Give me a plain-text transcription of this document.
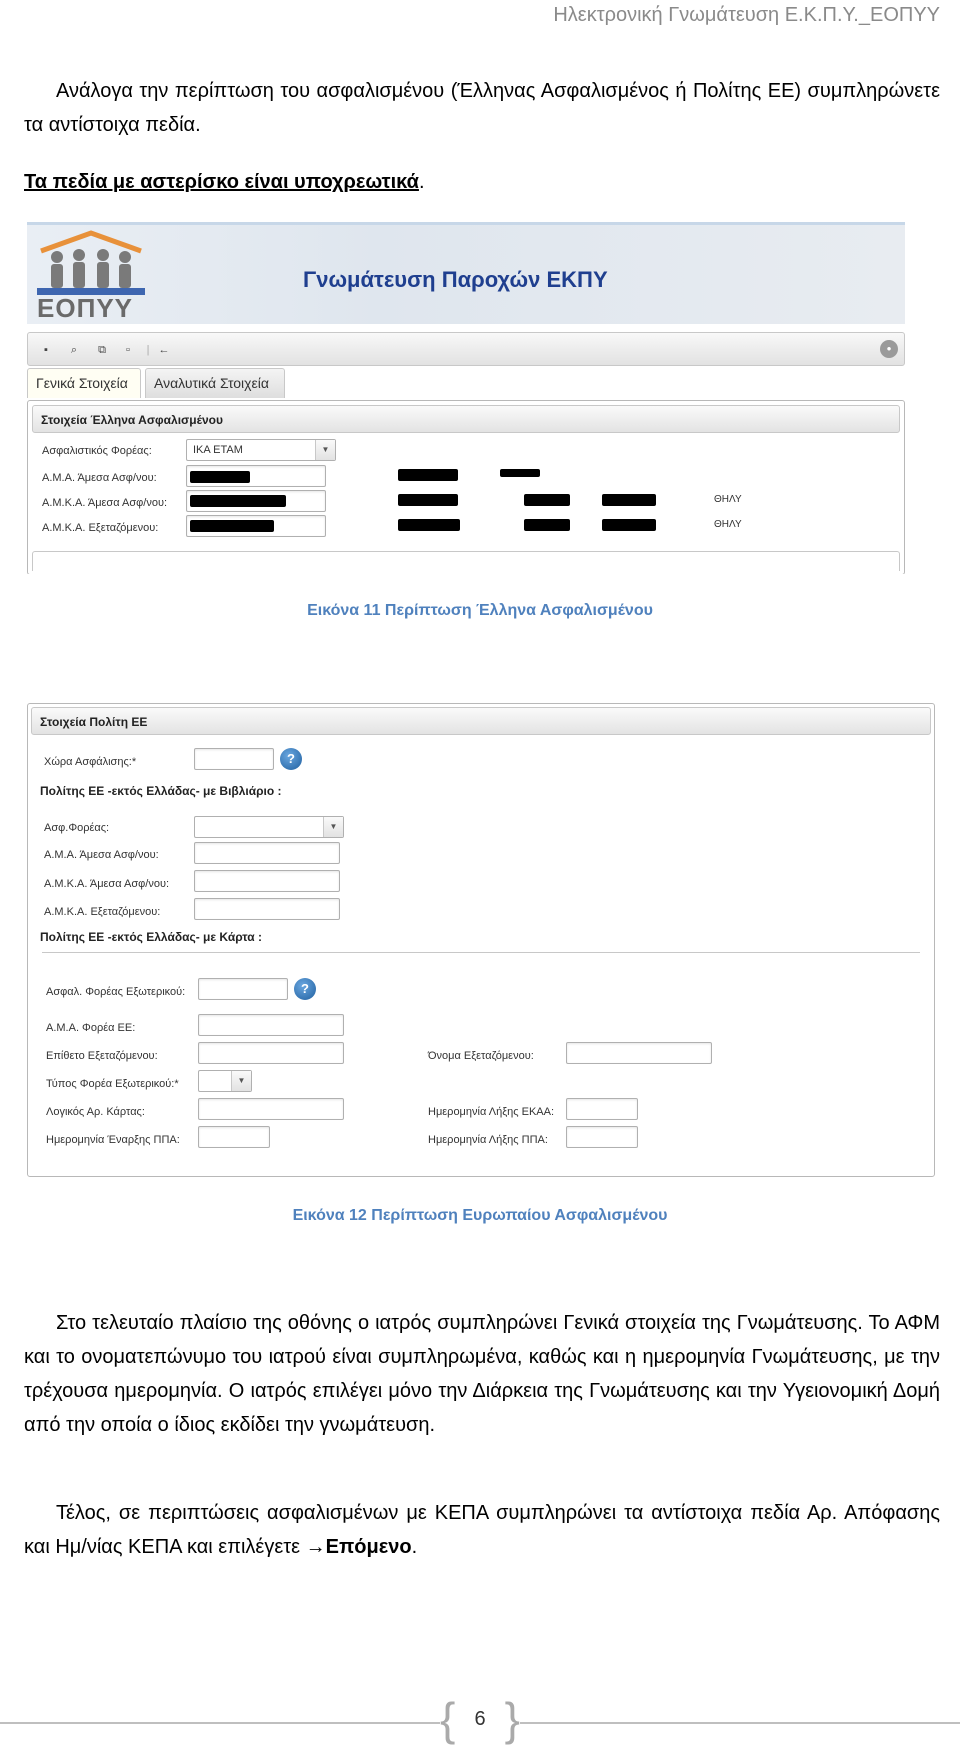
Ηλεκτρονική Γνωμάτευση Ε.Κ.Π.Υ._ΕΟΠΥΥ

Ανάλογα την περίπτωση του ασφαλισμένου (Έλληνας Ασφαλισμένος ή Πολίτης ΕΕ) συμπληρώνετε τα αντίστοιχα πεδία.

Τα πεδία με αστερίσκο είναι υποχρεωτικά.

ΕΟΠΥΥ
Γνωμάτευση Παροχών ΕΚΠΥ
▪	⌕	⧉	▫	| ←	•
Γενικά Στοιχεία	Αναλυτικά Στοιχεία
Στοιχεία Έλληνα Ασφαλισμένου
Ασφαλιστικός Φορέας:	ΙΚΑ ΕΤΑΜ	▼
Α.Μ.Α. Άμεσα Ασφ/νου:
Α.Μ.Κ.Α. Άμεσα Ασφ/νου:	ΘΗΛΥ
Α.Μ.Κ.Α. Εξεταζόμενου:	ΘΗΛΥ
Εικόνα 11 Περίπτωση Έλληνα Ασφαλισμένου
Στοιχεία Πολίτη ΕΕ
Χώρα Ασφάλισης:*	?
Πολίτης ΕΕ -εκτός Ελλάδας- με Βιβλιάριο :
Ασφ.Φορέας:	▼
Α.Μ.Α. Άμεσα Ασφ/νου:
Α.Μ.Κ.Α. Άμεσα Ασφ/νου:
Α.Μ.Κ.Α. Εξεταζόμενου:
Πολίτης ΕΕ -εκτός Ελλάδας- με Κάρτα :
Ασφαλ. Φορέας Εξωτερικού:	?
Α.Μ.Α. Φορέα ΕΕ:
Επίθετο Εξεταζόμενου:	Όνομα Εξεταζόμενου:
Τύπος Φορέα Εξωτερικού:*	▼
Λογικός Αρ. Κάρτας:	Ημερομηνία Λήξης ΕΚΑΑ:
Ημερομηνία Έναρξης ΠΠΑ:	Ημερομηνία Λήξης ΠΠΑ:
Εικόνα 12 Περίπτωση Ευρωπαίου Ασφαλισμένου

Στο τελευταίο πλαίσιο της οθόνης ο ιατρός συμπληρώνει Γενικά στοιχεία της Γνωμάτευσης. Το ΑΦΜ και το ονοματεπώνυμο του ιατρού είναι συμπληρωμένα, καθώς και η ημερομηνία Γνωμάτευσης, με την τρέχουσα ημερομηνία. Ο ιατρός επιλέγει μόνο την Διάρκεια της Γνωμάτευσης και την Υγειονομική Δομή από την οποία ο ίδιος εκδίδει την γνωμάτευση.

Τέλος, σε περιπτώσεις ασφαλισμένων με ΚΕΠΑ συμπληρώνει τα αντίστοιχα πεδία Αρ. Απόφασης και Ημ/νίας ΚΕΠΑ και επιλέγετε →Επόμενο.

{ 6 }
